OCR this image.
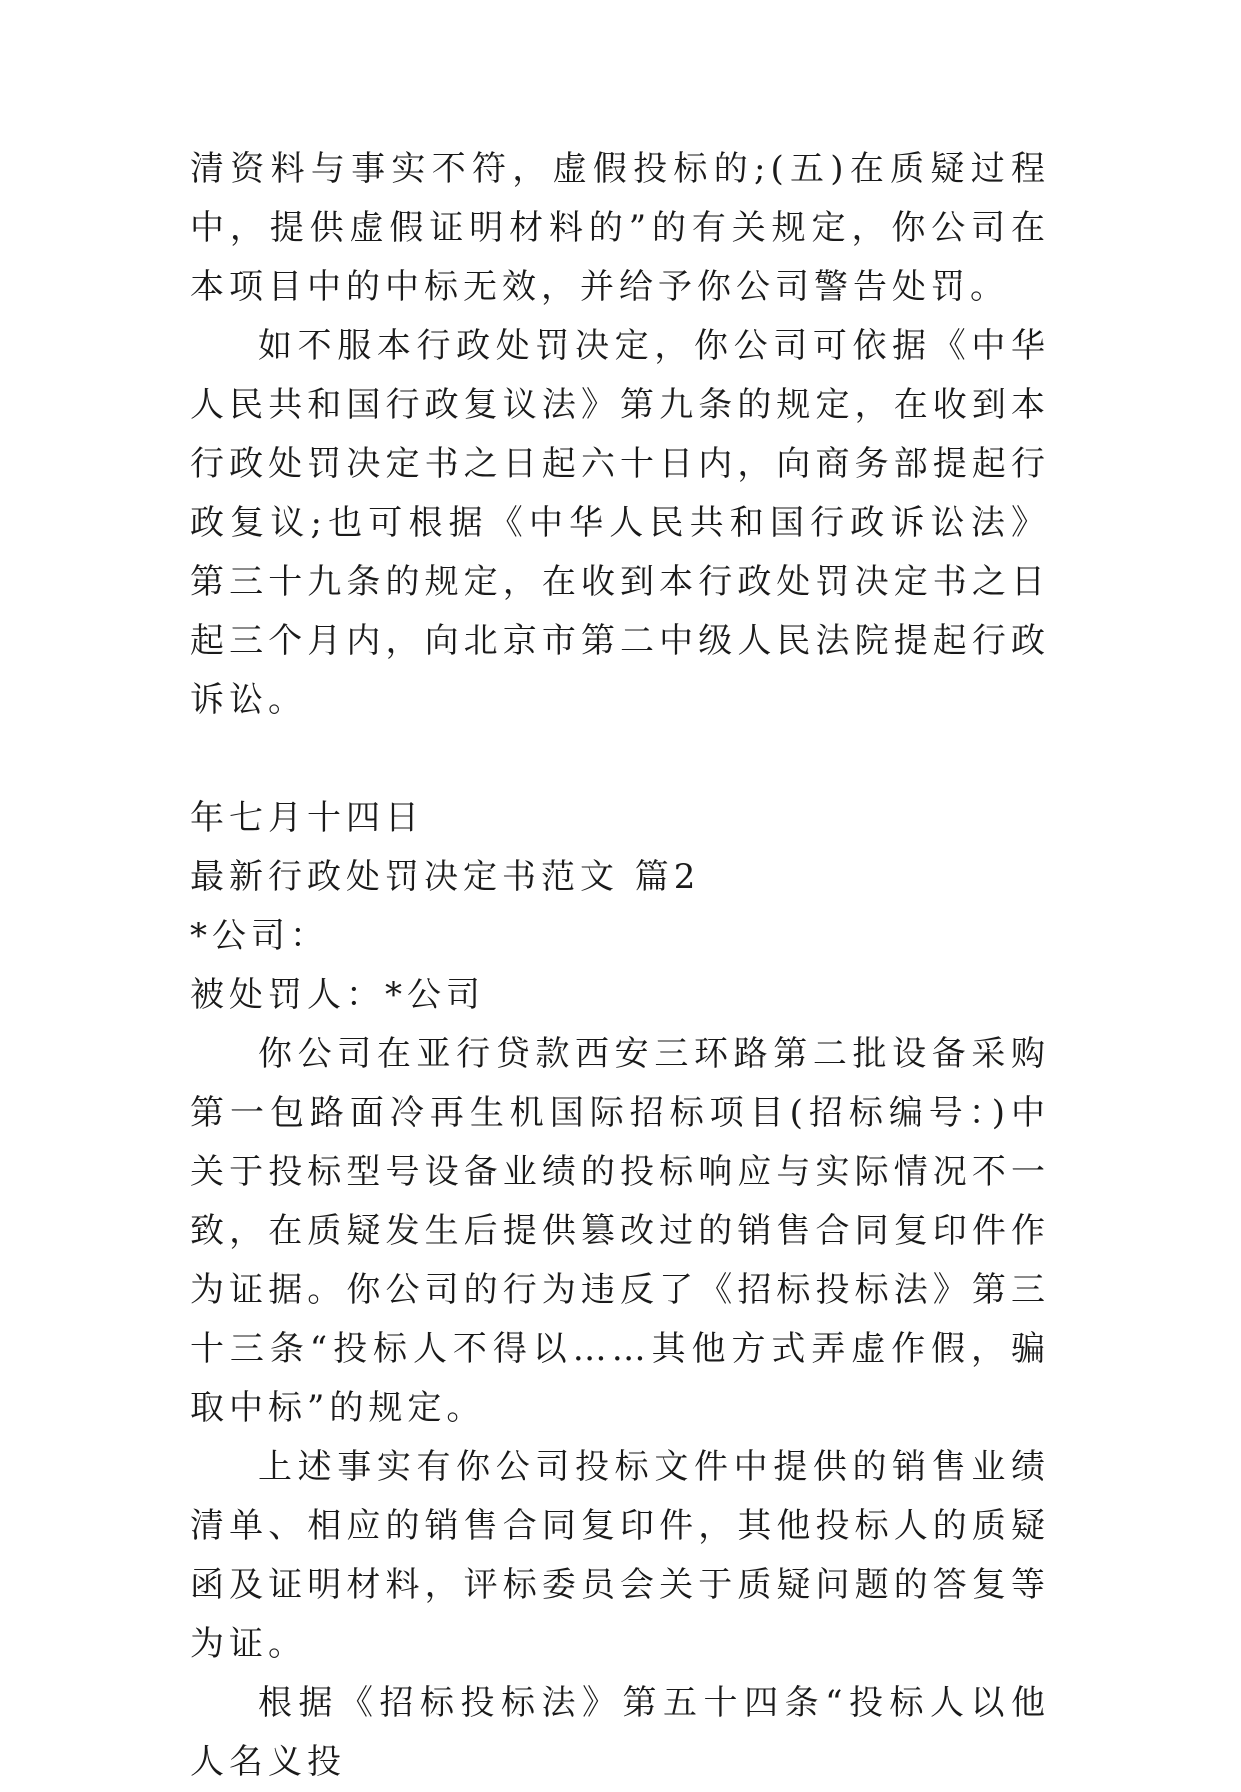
清资料与事实不符，虚假投标的;(五)在质疑过程中，提供虚假证明材料的”的有关规定，你公司在本项目中的中标无效，并给予你公司警告处罚。

如不服本行政处罚决定，你公司可依据《中华人民共和国行政复议法》第九条的规定，在收到本行政处罚决定书之日起六十日内，向商务部提起行政复议;也可根据《中华人民共和国行政诉讼法》第三十九条的规定，在收到本行政处罚决定书之日起三个月内，向北京市第二中级人民法院提起行政诉讼。

年七月十四日

最新行政处罚决定书范文 篇2

*公司：

被处罚人：*公司

你公司在亚行贷款西安三环路第二批设备采购第一包路面冷再生机国际招标项目(招标编号：)中关于投标型号设备业绩的投标响应与实际情况不一致，在质疑发生后提供篡改过的销售合同复印件作为证据。你公司的行为违反了《招标投标法》第三十三条“投标人不得以……其他方式弄虚作假，骗取中标”的规定。

上述事实有你公司投标文件中提供的销售业绩清单、相应的销售合同复印件，其他投标人的质疑函及证明材料，评标委员会关于质疑问题的答复等为证。

根据《招标投标法》第五十四条“投标人以他人名义投
